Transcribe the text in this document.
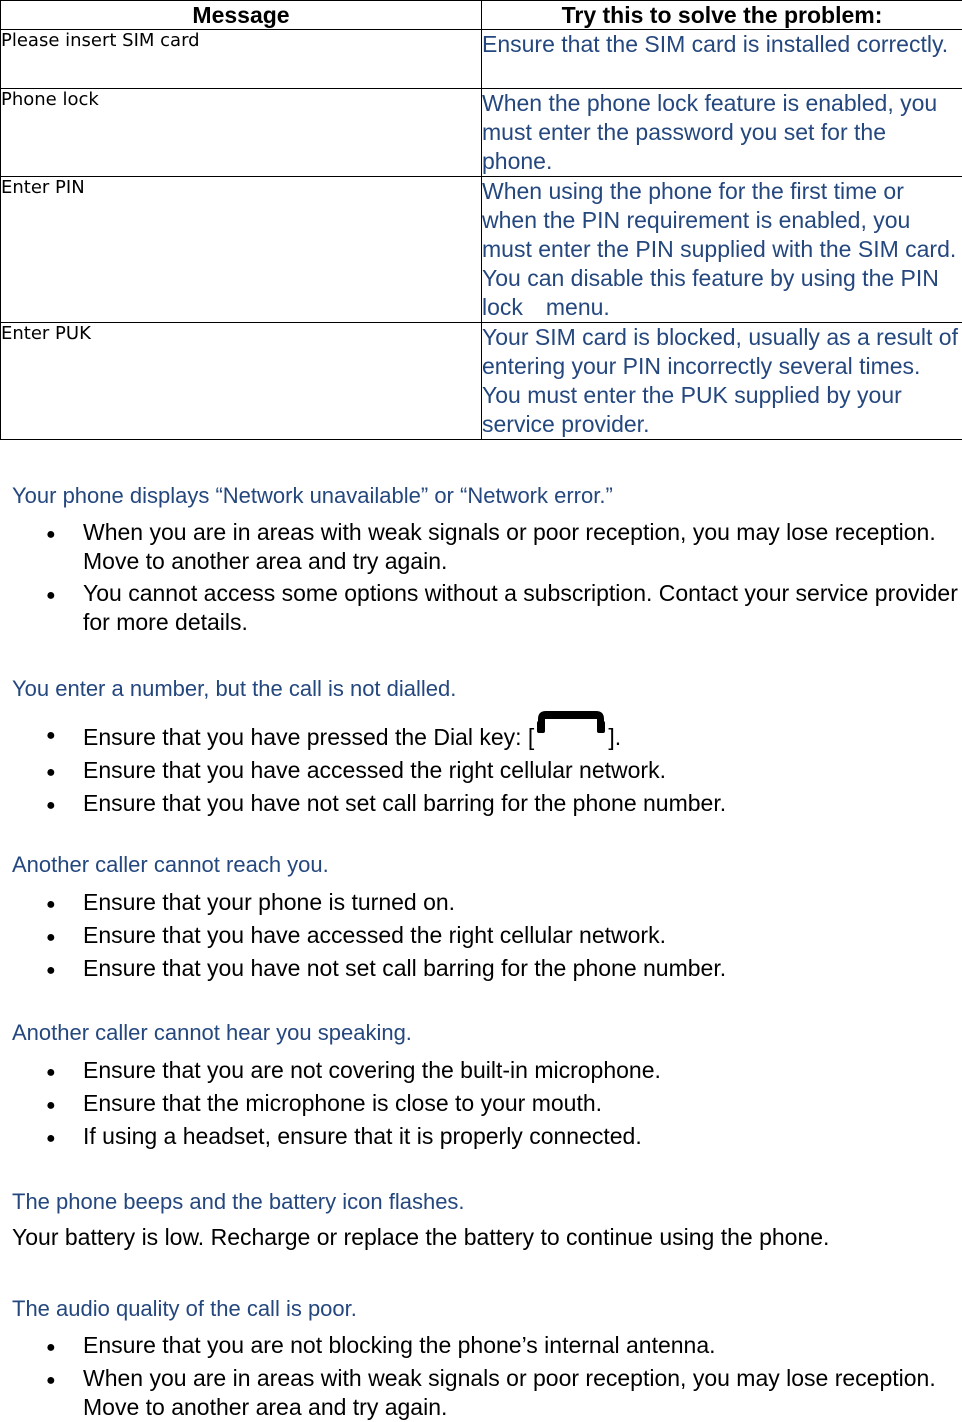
Message	Try this to solve the problem:
Please insert SIM card	Ensure that the SIM card is installed correctly.
Phone lock	When the phone lock feature is enabled, you must enter the password you set for the phone.
Enter PIN	When using the phone for the first time or when the PIN requirement is enabled, you must enter the PIN supplied with the SIM card. You can disable this feature by using the PIN lock　menu.
Enter PUK	Your SIM card is blocked, usually as a result of entering your PIN incorrectly several times. You must enter the PUK supplied by your service provider.
Your phone displays “Network unavailable” or “Network error.”
● When you are in areas with weak signals or poor reception, you may lose reception. Move to another area and try again.
● You cannot access some options without a subscription. Contact your service provider for more details.
You enter a number, but the call is not dialled.
● Ensure that you have pressed the Dial key: [	].
● Ensure that you have accessed the right cellular network.
● Ensure that you have not set call barring for the phone number.
Another caller cannot reach you.
● Ensure that your phone is turned on.
● Ensure that you have accessed the right cellular network.
● Ensure that you have not set call barring for the phone number.
Another caller cannot hear you speaking.
● Ensure that you are not covering the built-in microphone.
● Ensure that the microphone is close to your mouth.
● If using a headset, ensure that it is properly connected.
The phone beeps and the battery icon flashes.
Your battery is low. Recharge or replace the battery to continue using the phone.
The audio quality of the call is poor.
● Ensure that you are not blocking the phone’s internal antenna.
● When you are in areas with weak signals or poor reception, you may lose reception. Move to another area and try again.
